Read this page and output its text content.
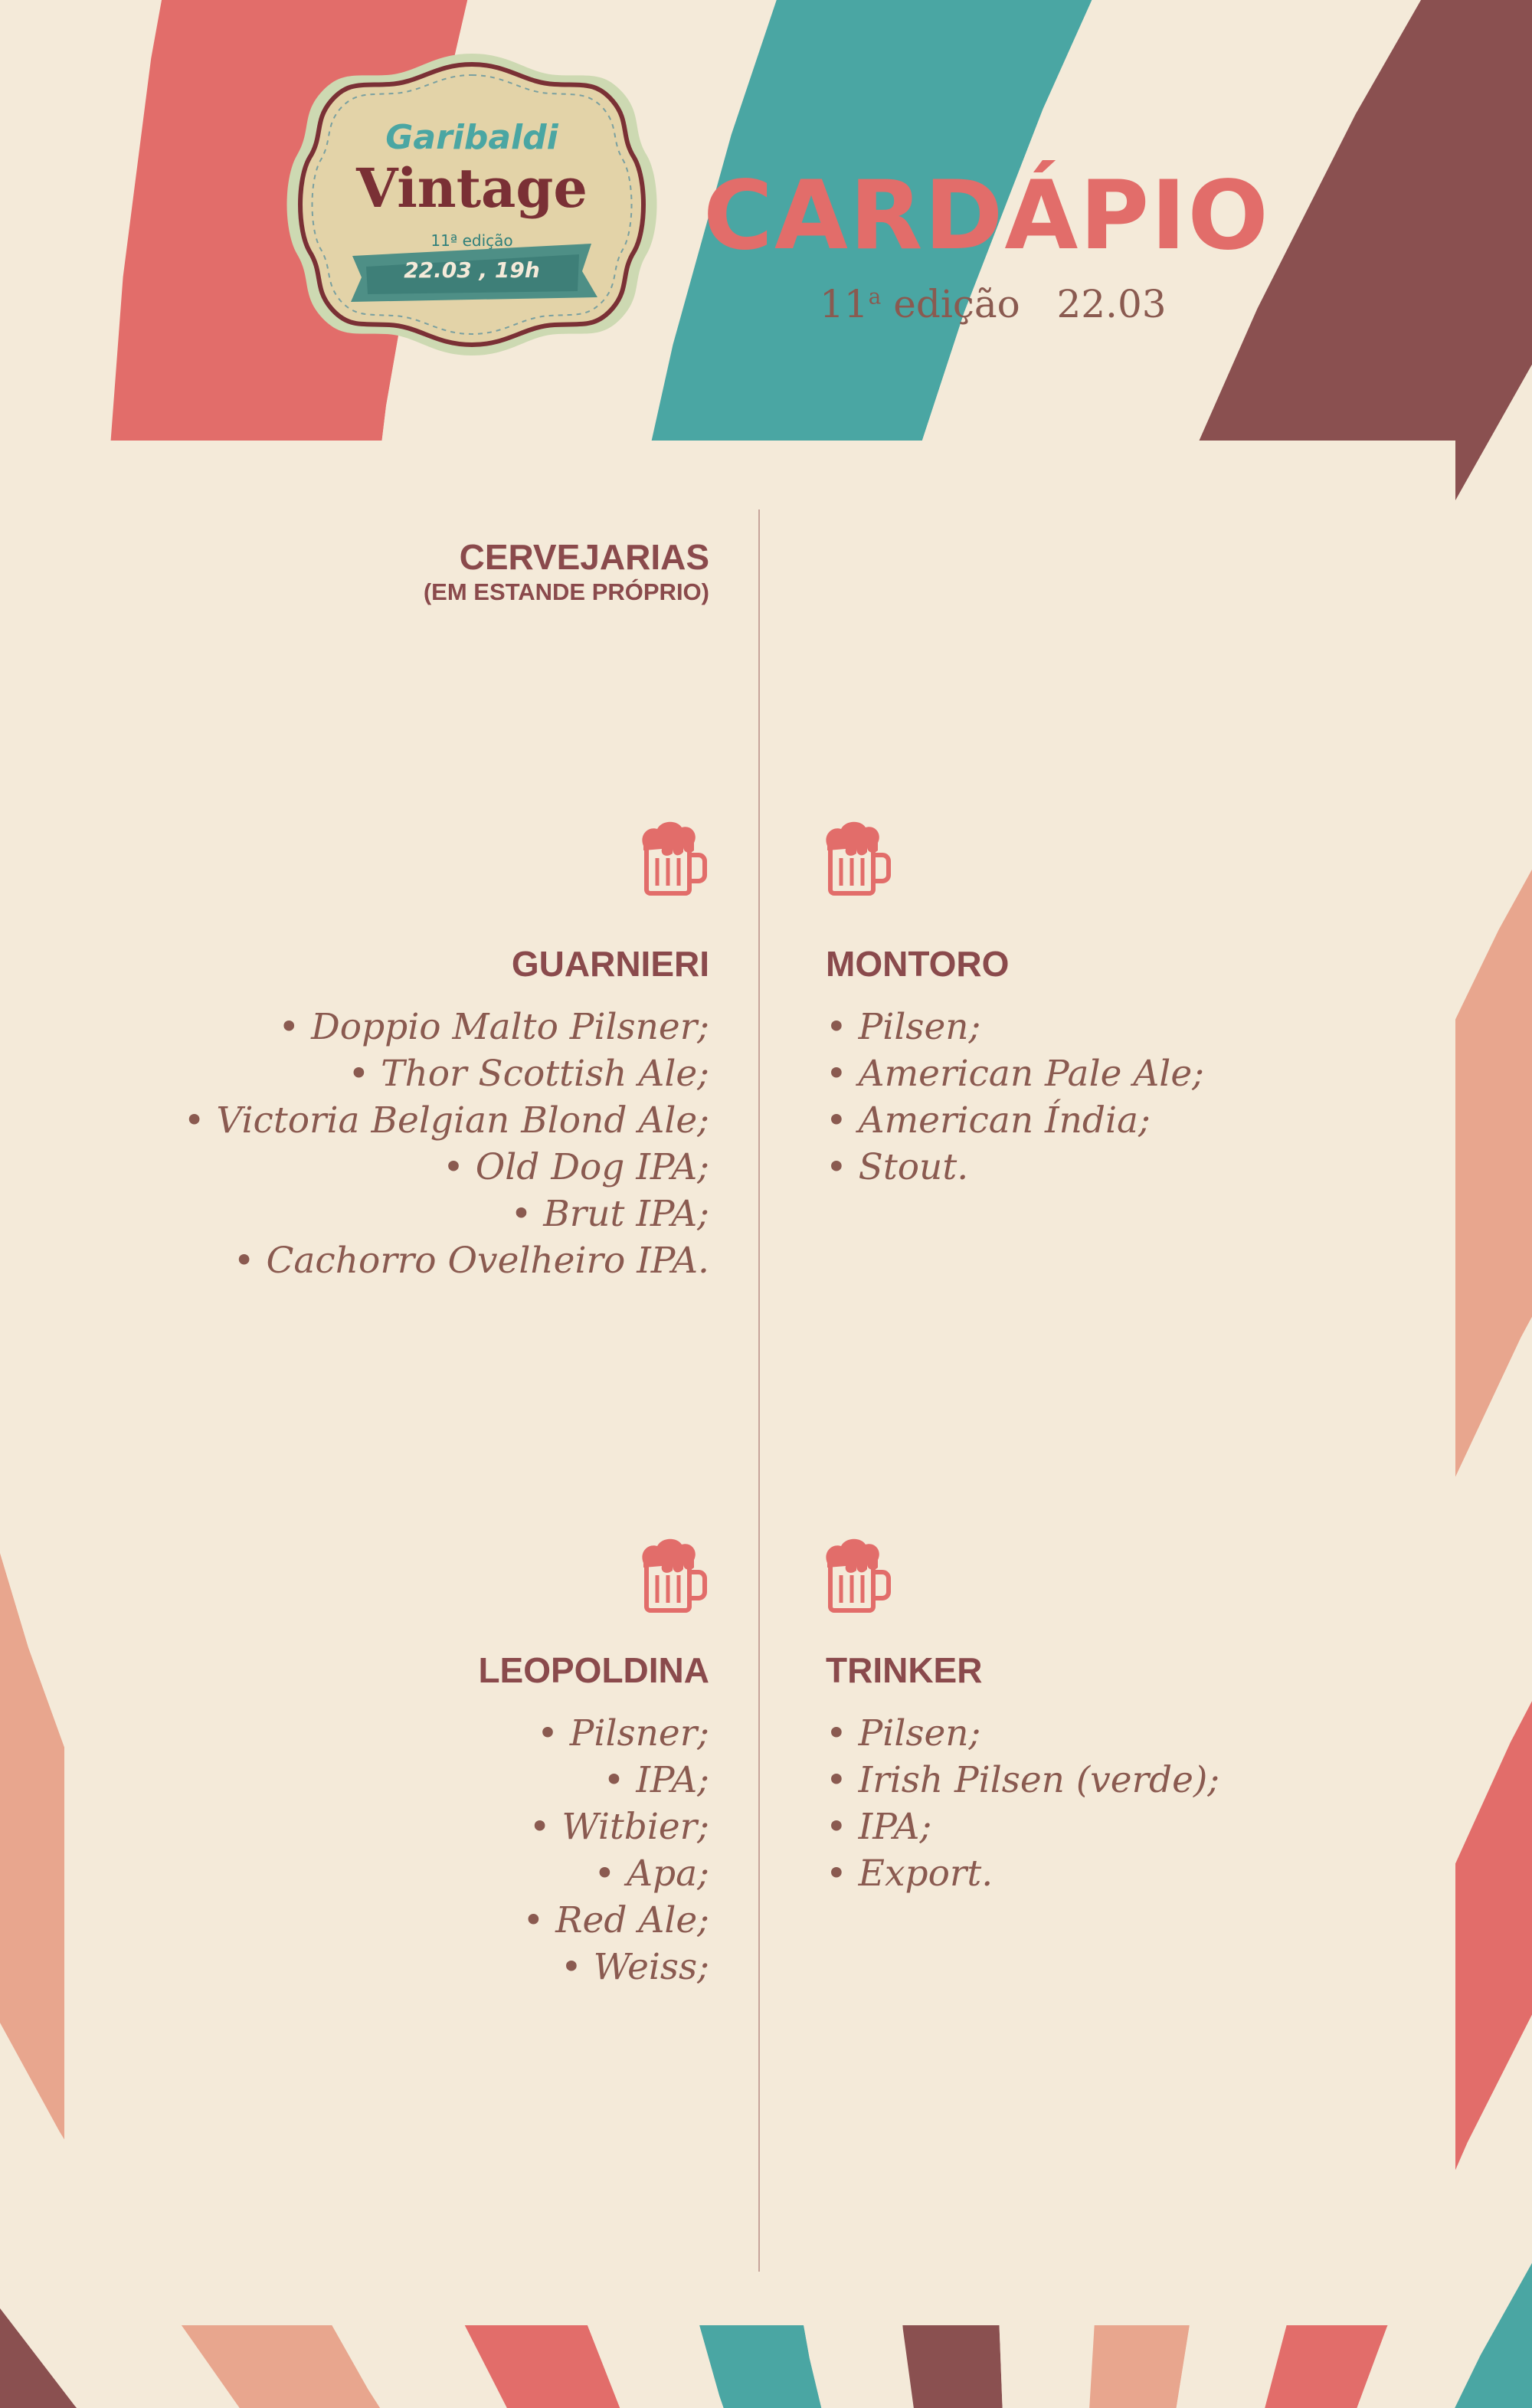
Garibaldi
Vintage
11ª edição
22.03 , 19h	CARDÁPIO
11$^a$ edição 22.03
CERVEJARIAS
(EM ESTANDE PRÓPRIO)
GUARNIERI
• Doppio Malto Pilsner;
• Thor Scottish Ale;
• Victoria Belgian Blond Ale;
• Old Dog IPA;
• Brut IPA;
• Cachorro Ovelheiro IPA.
MONTORO
• Pilsen;
• American Pale Ale;
• American Índia;
• Stout.
LEOPOLDINA
• Pilsner;
• IPA;
• Witbier;
• Apa;
• Red Ale;
• Weiss;
TRINKER
• Pilsen;
• Irish Pilsen (verde);
• IPA;
• Export.
